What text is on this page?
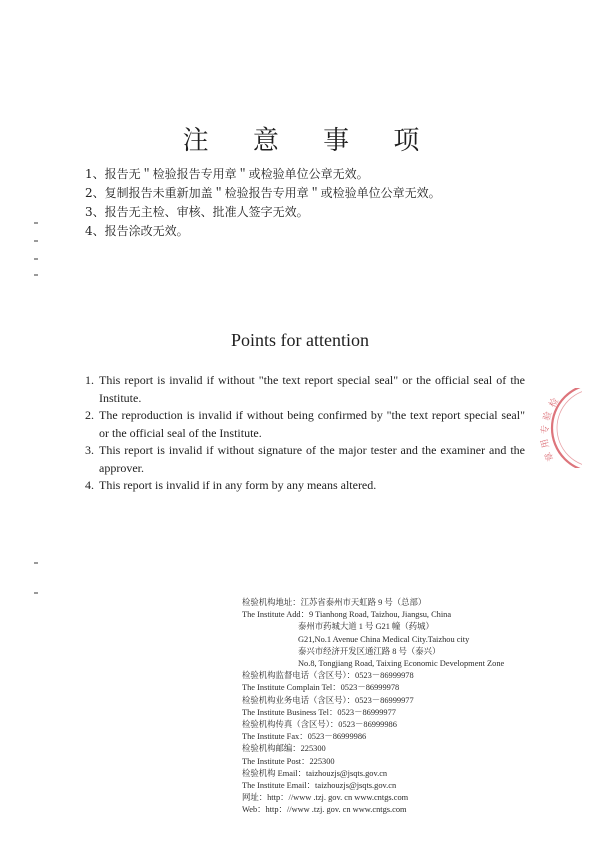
注 意 事 项
1、报告无＂检验报告专用章＂或检验单位公章无效。
2、复制报告未重新加盖＂检验报告专用章＂或检验单位公章无效。
3、报告无主检、审核、批准人签字无效。
4、报告涂改无效。
Points for attention
1. This report is invalid if without "the text report special seal" or the official seal of the Institute.
2. The reproduction is invalid if without being confirmed by "the text report special seal" or the official seal of the Institute.
3. This report is invalid if without signature of the major tester and the examiner and the approver.
4. This report is invalid if in any form by any means altered.
检验机构地址：江苏省泰州市天虹路 9 号（总部）
The Institute Add：9 Tianhong Road, Taizhou, Jiangsu, China
泰州市药城大道 1 号 G21 幢（药城）
G21,No.1 Avenue China Medical City.Taizhou city
泰兴市经济开发区通江路 8 号（泰兴）
No.8, Tongjiang Road, Taixing Economic Development Zone
检验机构监督电话（含区号）：0523－86999978
The Institute Complain Tel：0523－86999978
检验机构业务电话（含区号）：0523－86999977
The Institute Business Tel：0523－86999977
检验机构传真（含区号）：0523－86999986
The Institute Fax：0523－86999986
检验机构邮编：225300
The Institute Post：225300
检验机构 Email：taizhouzjs@jsqts.gov.cn
The Institute Email：taizhouzjs@jsqts.gov.cn
网址：http：//www .tzj. gov. cn www.cntgs.com
Web：http：//www .tzj. gov. cn www.cntgs.com
检
验
专
用
章
